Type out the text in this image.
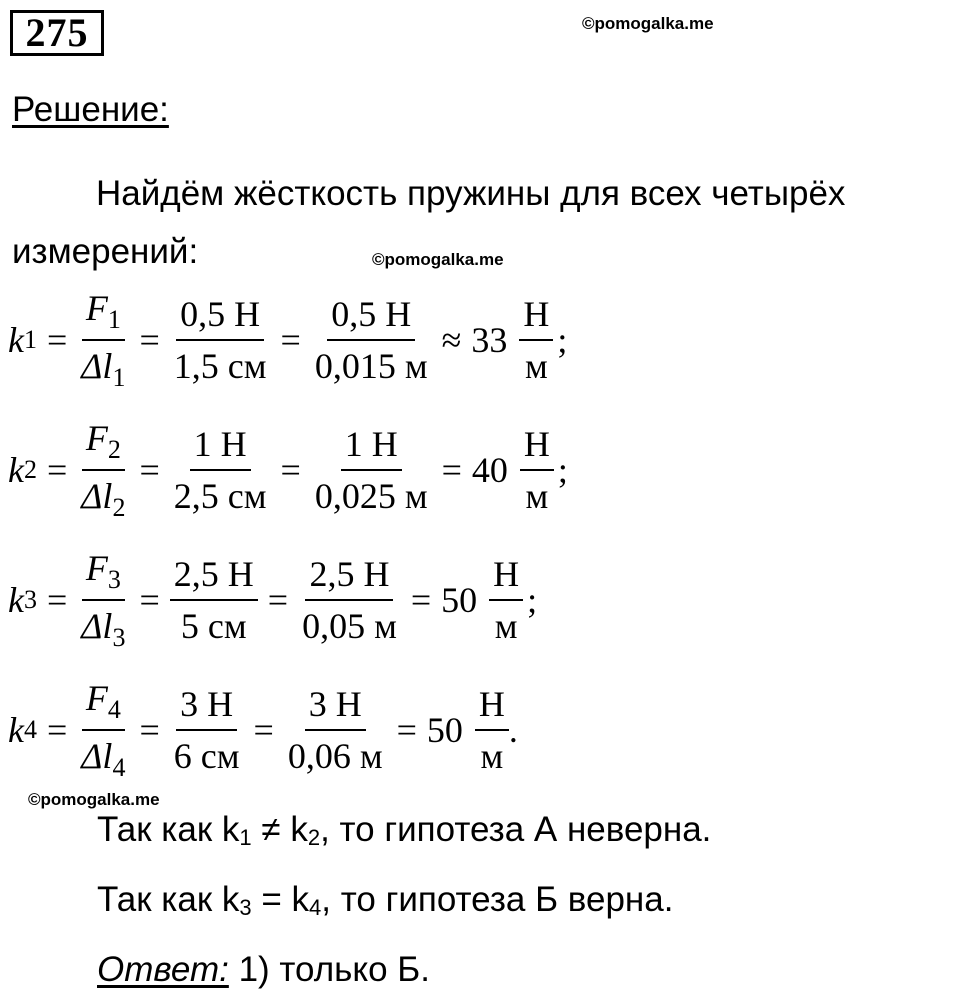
275	©pomogalka.me
Решение:
Найдём жёсткость пружины для всех четырёх измерений:	©pomogalka.me
k $1 = \frac{F_1}{\Delta l_1} = \frac{0,5 Н}{1,5 см} = \frac{0,5 Н}{0,015 м} \approx 33 \frac{Н}{м}$ ;
k $2 = \frac{F_2}{\Delta l_2} = \frac{1 Н}{2,5 см} = \frac{1 Н}{0,025 м} = 40 \frac{Н}{м}$ ;
k $3 = \frac{F_3}{\Delta l_3} = \frac{2,5 Н}{5 см} = \frac{2,5 Н}{0,05 м} = 50 \frac{Н}{м}$ ;
k $4 = \frac{F_4}{\Delta l_4} = \frac{3 Н}{6 см} = \frac{3 Н}{0,06 м} = 50 \frac{Н}{м}$ .
©pomogalka.me
Так как $k_1 \ne k_2$, то гипотеза А неверна.
Так как $k_3 = k_4$, то гипотеза Б верна.
Ответ: 1) только Б.
